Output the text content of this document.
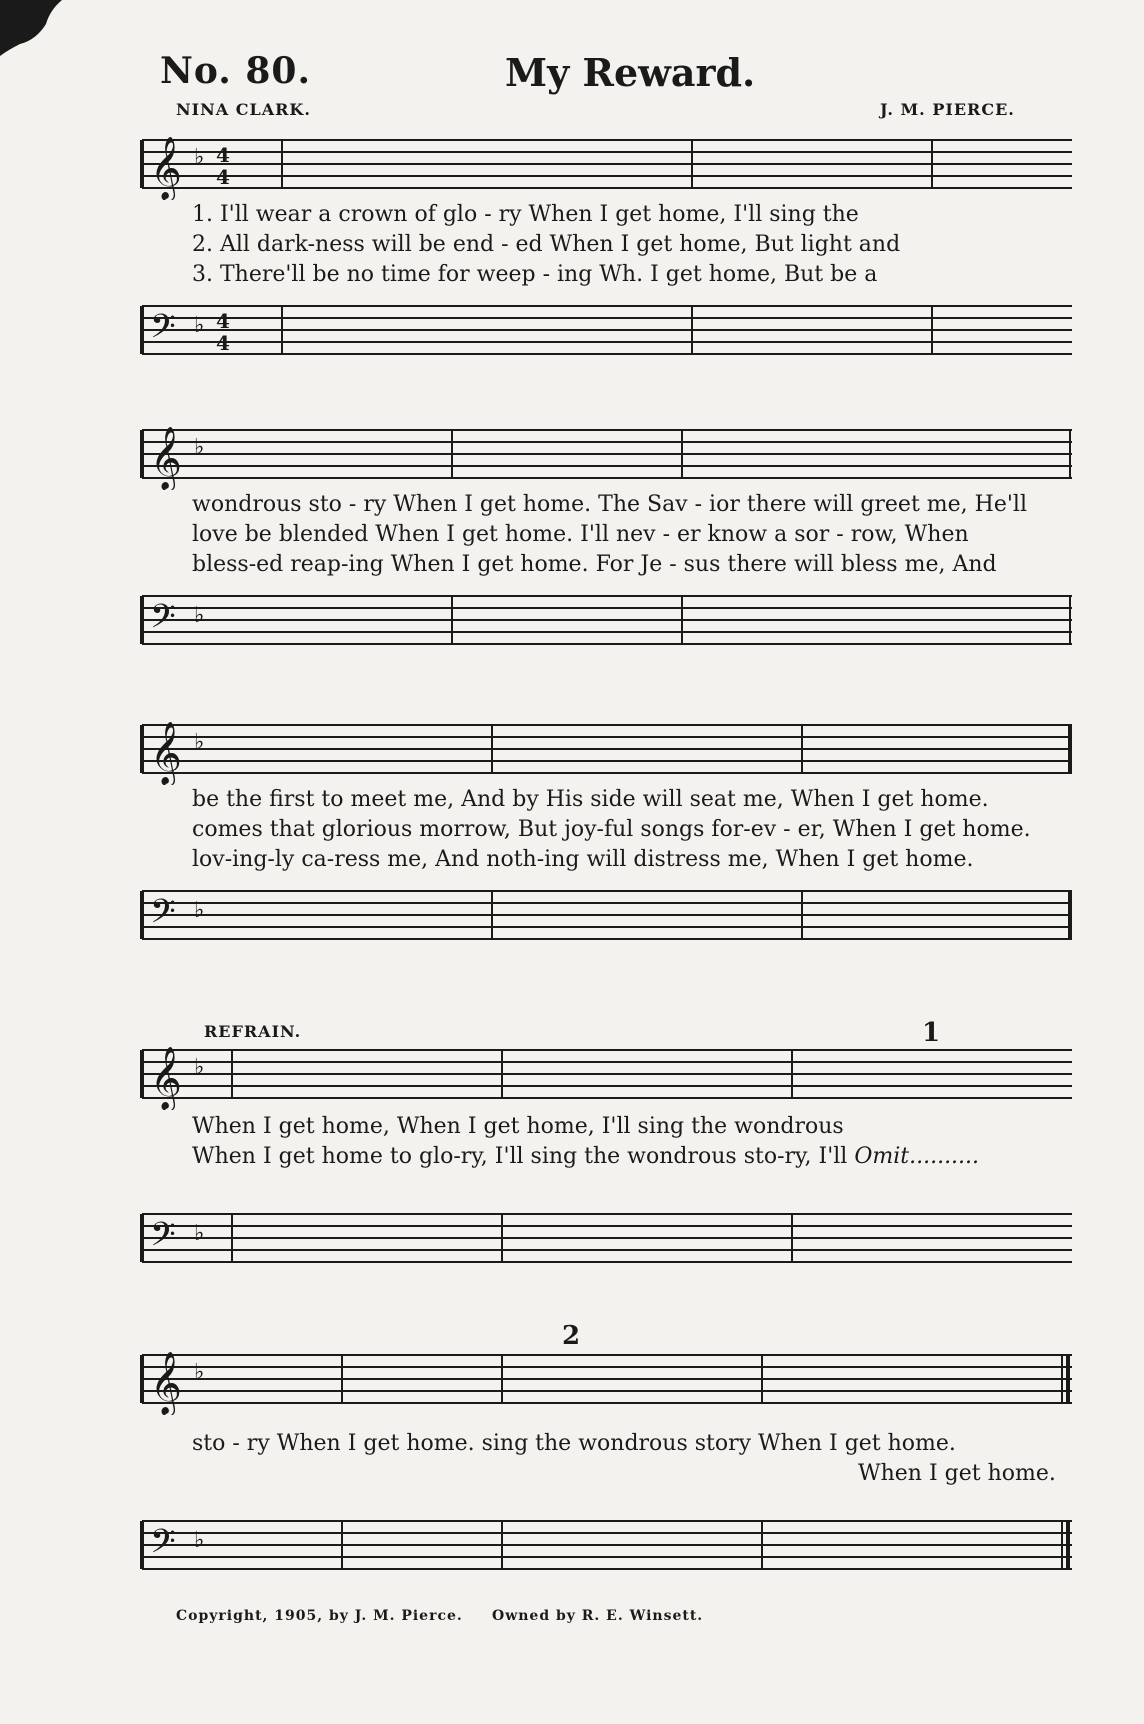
No. 80.	My Reward.
NINA CLARK.	J. M. PIERCE.
𝄞 ♭ 4
4
1. I'll wear a crown of glo - ry When I get home, I'll sing the
2. All dark-ness will be end - ed When I get home, But light and
3. There'll be no time for weep - ing Wh. I get home, But be a
𝄢 ♭ 4
4
𝄞 ♭
wondrous sto - ry When I get home. The Sav - ior there will greet me, He'll
love be blended When I get home. I'll nev - er know a sor - row, When
bless-ed reap-ing When I get home. For Je - sus there will bless me, And
𝄢 ♭
𝄞 ♭
be the first to meet me, And by His side will seat me, When I get home.
comes that glorious morrow, But joy-ful songs for-ev - er, When I get home.
lov-ing-ly ca-ress me, And noth-ing will distress me, When I get home.
𝄢 ♭
REFRAIN.	1
𝄞 ♭
When I get home, When I get home, I'll sing the wondrous
When I get home to glo-ry, I'll sing the wondrous sto-ry, I'll Omit..........
𝄢 ♭
2
𝄞 ♭
sto - ry When I get home. sing the wondrous story When I get home.
When I get home.
𝄢 ♭
Copyright, 1905, by J. M. Pierce. Owned by R. E. Winsett.
